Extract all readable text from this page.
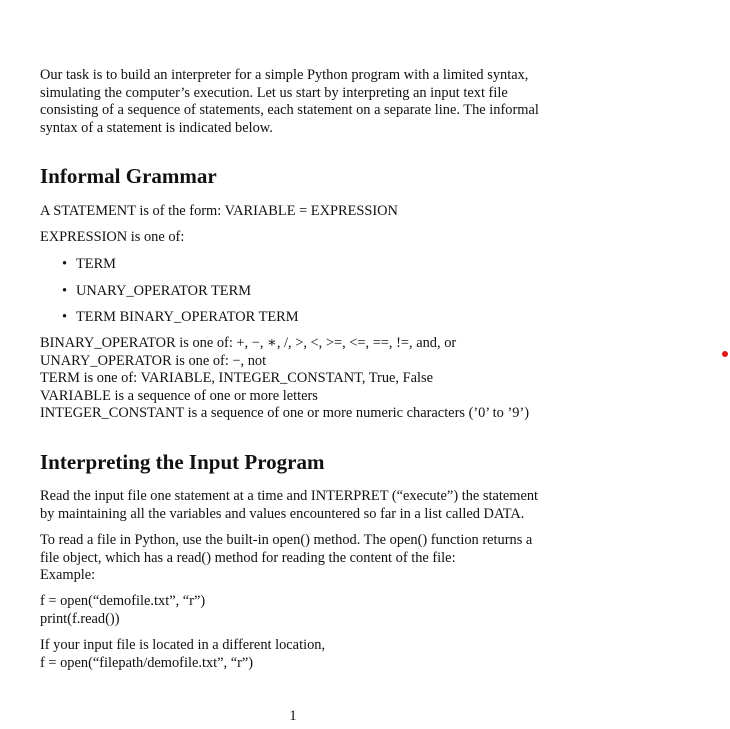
Our task is to build an interpreter for a simple Python program with a limited syntax,

simulating the computer’s execution. Let us start by interpreting an input text file

consisting of a sequence of statements, each statement on a separate line. The informal

syntax of a statement is indicated below.

Informal Grammar

A STATEMENT is of the form: VARIABLE = EXPRESSION

EXPRESSION is one of:

• TERM
• UNARY_OPERATOR TERM
• TERM BINARY_OPERATOR TERM

BINARY_OPERATOR is one of: +, −, ∗, /, >, <, >=, <=, ==, !=, and, or

UNARY_OPERATOR is one of: −, not

TERM is one of: VARIABLE, INTEGER_CONSTANT, True, False

VARIABLE is a sequence of one or more letters

INTEGER_CONSTANT is a sequence of one or more numeric characters (’0’ to ’9’)

Interpreting the Input Program

Read the input file one statement at a time and INTERPRET (“execute”) the statement

by maintaining all the variables and values encountered so far in a list called DATA.

To read a file in Python, use the built-in open() method. The open() function returns a

file object, which has a read() method for reading the content of the file:

Example:

f = open(“demofile.txt”, “r”)

print(f.read())

If your input file is located in a different location,

f = open(“filepath/demofile.txt”, “r”)

1
